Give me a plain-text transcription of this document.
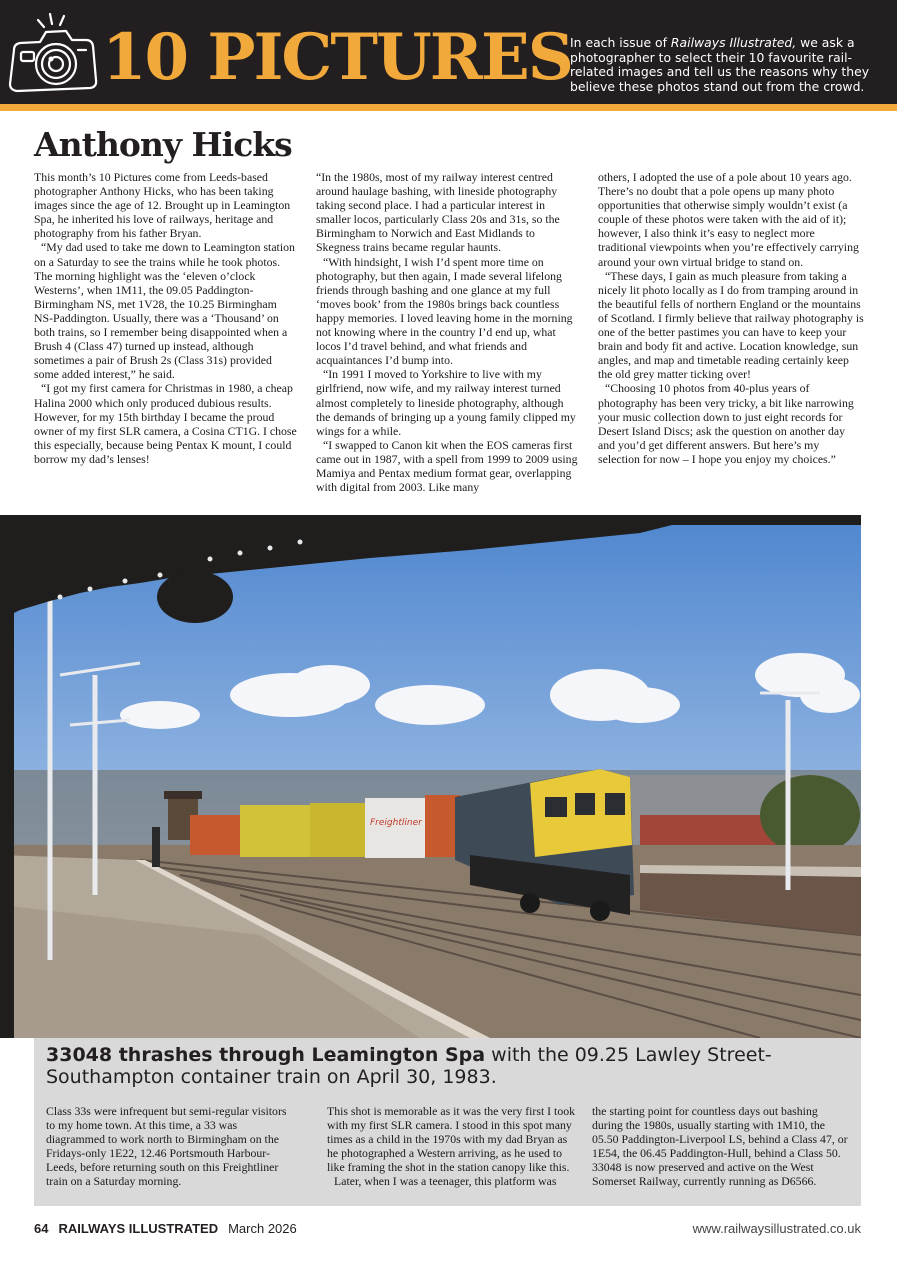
10 PICTURES
In each issue of Railways Illustrated, we ask a photographer to select their 10 favourite rail-related images and tell us the reasons why they believe these photos stand out from the crowd.
Anthony Hicks

This month’s 10 Pictures come from Leeds-based photographer Anthony Hicks, who has been taking images since the age of 12. Brought up in Leamington Spa, he inherited his love of railways, heritage and photography from his father Bryan.

“My dad used to take me down to Leamington station on a Saturday to see the trains while he took photos. The morning highlight was the ‘eleven o’clock Westerns’, when 1M11, the 09.05 Paddington-Birmingham NS, met 1V28, the 10.25 Birmingham NS-Paddington. Usually, there was a ‘Thousand’ on both trains, so I remember being disappointed when a Brush 4 (Class 47) turned up instead, although sometimes a pair of Brush 2s (Class 31s) provided some added interest,” he said.

“I got my first camera for Christmas in 1980, a cheap Halina 2000 which only produced dubious results. However, for my 15th birthday I became the proud owner of my first SLR camera, a Cosina CT1G. I chose this especially, because being Pentax K mount, I could borrow my dad’s lenses!

“In the 1980s, most of my railway interest centred around haulage bashing, with lineside photography taking second place. I had a particular interest in smaller locos, particularly Class 20s and 31s, so the Birmingham to Norwich and East Midlands to Skegness trains became regular haunts.

“With hindsight, I wish I’d spent more time on photography, but then again, I made several lifelong friends through bashing and one glance at my full ‘moves book’ from the 1980s brings back countless happy memories. I loved leaving home in the morning not knowing where in the country I’d end up, what locos I’d travel behind, and what friends and acquaintances I’d bump into.

“In 1991 I moved to Yorkshire to live with my girlfriend, now wife, and my railway interest turned almost completely to lineside photography, although the demands of bringing up a young family clipped my wings for a while.

“I swapped to Canon kit when the EOS cameras first came out in 1987, with a spell from 1999 to 2009 using Mamiya and Pentax medium format gear, overlapping with digital from 2003. Like many

others, I adopted the use of a pole about 10 years ago. There’s no doubt that a pole opens up many photo opportunities that otherwise simply wouldn’t exist (a couple of these photos were taken with the aid of it); however, I also think it’s easy to neglect more traditional viewpoints when you’re effectively carrying around your own virtual bridge to stand on.

“These days, I gain as much pleasure from taking a nicely lit photo locally as I do from tramping around in the beautiful fells of northern England or the mountains of Scotland. I firmly believe that railway photography is one of the better pastimes you can have to keep your brain and body fit and active. Location knowledge, sun angles, and map and timetable reading certainly keep the old grey matter ticking over!

“Choosing 10 photos from 40-plus years of photography has been very tricky, a bit like narrowing your music collection down to just eight records for Desert Island Discs; ask the question on another day and you’d get different answers. But here’s my selection for now – I hope you enjoy my choices.”

Freightliner
33048 thrashes through Leamington Spa with the 09.25 Lawley Street-Southampton container train on April 30, 1983.

Class 33s were infrequent but semi-regular visitors to my home town. At this time, a 33 was diagrammed to work north to Birmingham on the Fridays-only 1E22, 12.46 Portsmouth Harbour-Leeds, before returning south on this Freightliner train on a Saturday morning.

This shot is memorable as it was the very first I took with my first SLR camera. I stood in this spot many times as a child in the 1970s with my dad Bryan as he photographed a Western arriving, as he used to like framing the shot in the station canopy like this.

Later, when I was a teenager, this platform was

the starting point for countless days out bashing during the 1980s, usually starting with 1M10, the 05.50 Paddington-Liverpool LS, behind a Class 47, or 1E54, the 06.45 Paddington-Hull, behind a Class 50. 33048 is now preserved and active on the West Somerset Railway, currently running as D6566.

64 RAILWAYS ILLUSTRATED March 2026	www.railwaysillustrated.co.uk
